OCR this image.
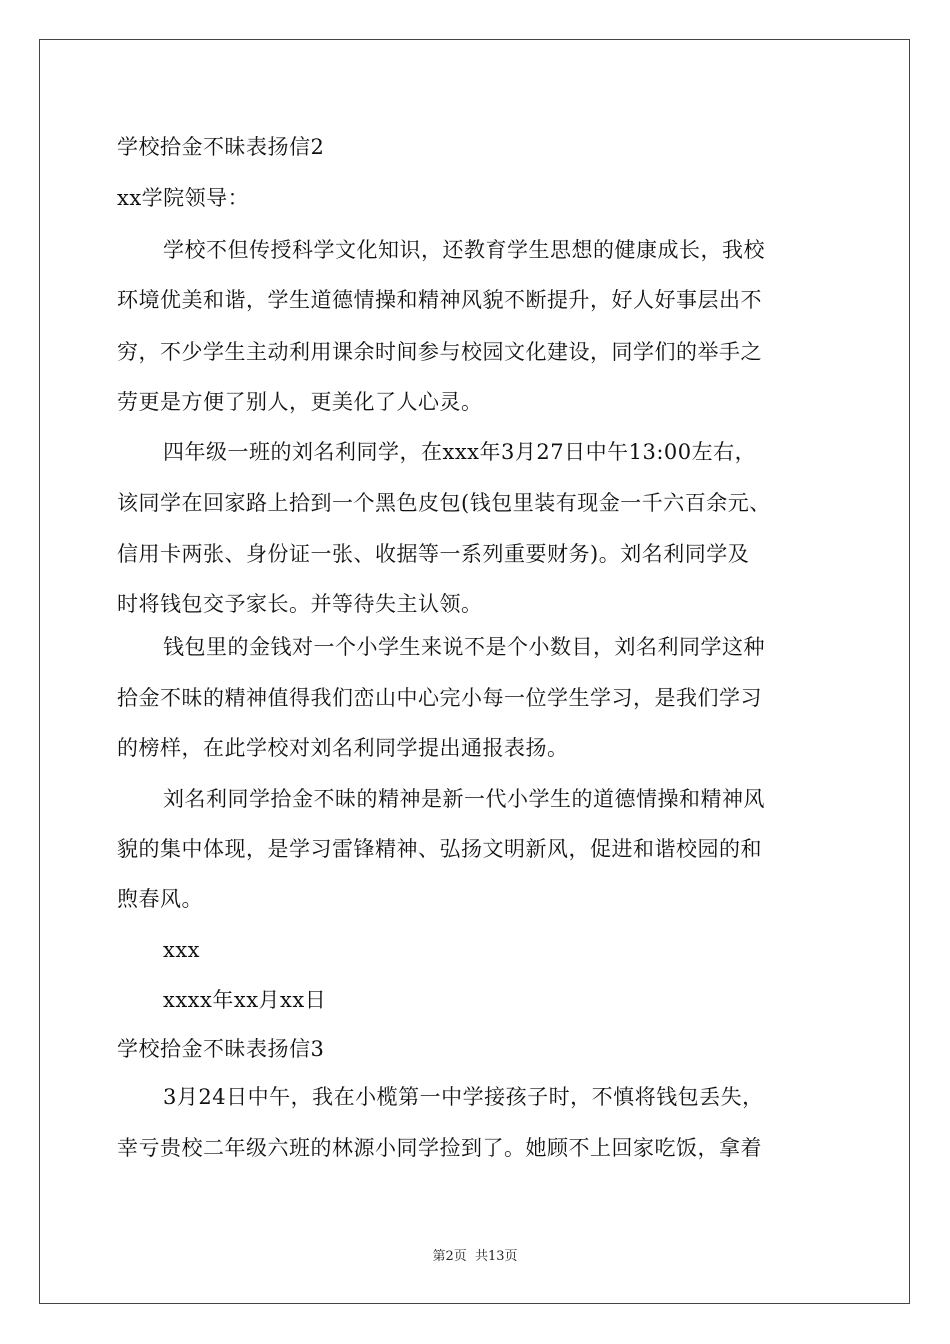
学校拾金不昧表扬信2
xx学院领导：
学校不但传授科学文化知识，还教育学生思想的健康成长，我校
环境优美和谐，学生道德情操和精神风貌不断提升，好人好事层出不
穷，不少学生主动利用课余时间参与校园文化建设，同学们的举手之
劳更是方便了别人，更美化了人心灵。
四年级一班的刘名利同学，在xxx年3月27日中午13:00左右，
该同学在回家路上拾到一个黑色皮包(钱包里装有现金一千六百余元、
信用卡两张、身份证一张、收据等一系列重要财务)。刘名利同学及
时将钱包交予家长。并等待失主认领。
钱包里的金钱对一个小学生来说不是个小数目，刘名利同学这种
拾金不昧的精神值得我们峦山中心完小每一位学生学习，是我们学习
的榜样，在此学校对刘名利同学提出通报表扬。
刘名利同学拾金不昧的精神是新一代小学生的道德情操和精神风
貌的集中体现，是学习雷锋精神、弘扬文明新风，促进和谐校园的和
煦春风。
xxx
xxxx年xx月xx日
学校拾金不昧表扬信3
3月24日中午，我在小榄第一中学接孩子时，不慎将钱包丢失，
幸亏贵校二年级六班的林源小同学捡到了。她顾不上回家吃饭，拿着
第2页 共13页
